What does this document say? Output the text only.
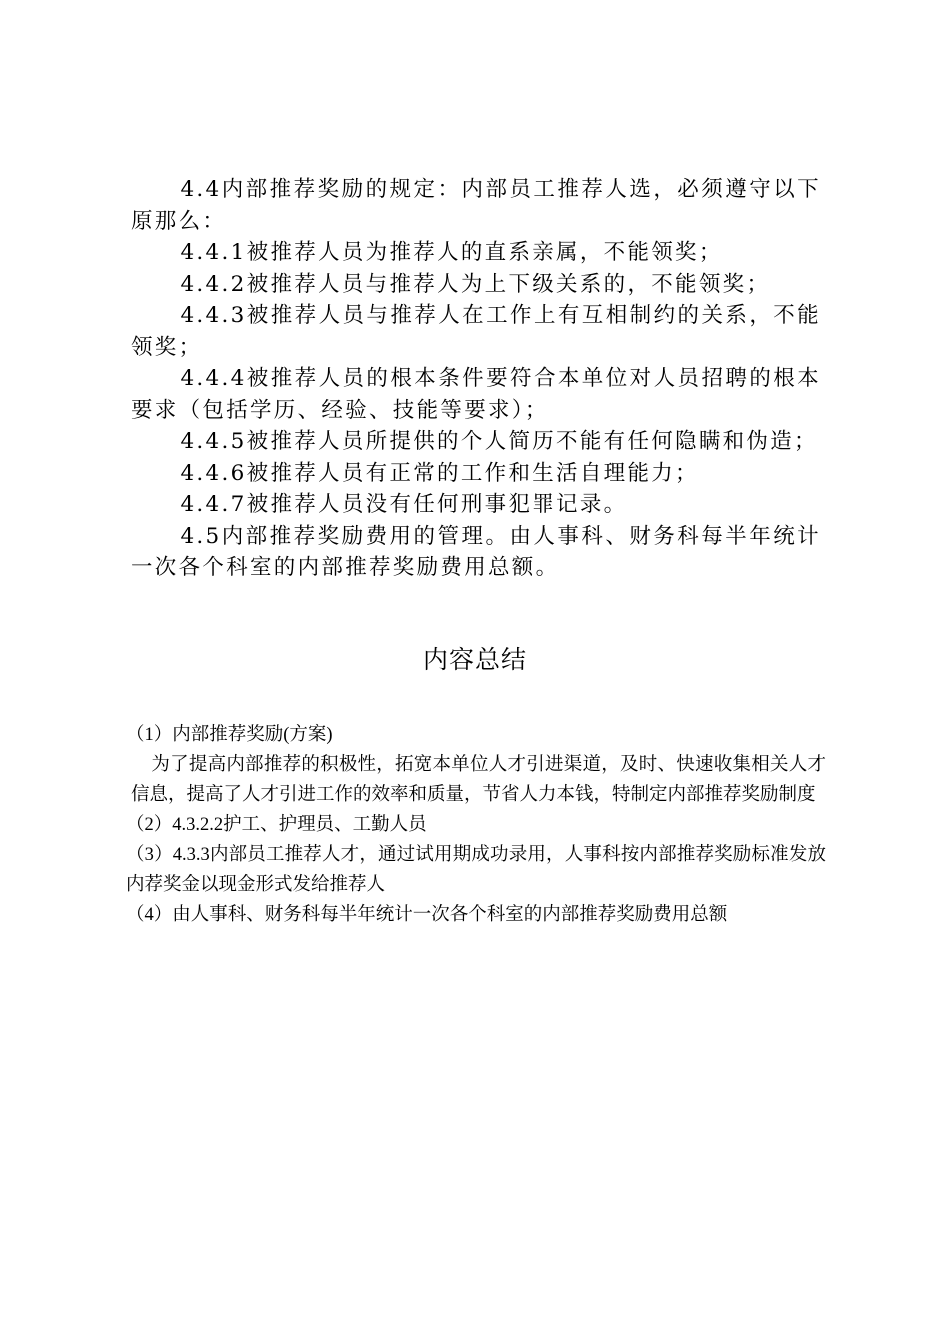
4.4内部推荐奖励的规定：内部员工推荐人选，必须遵守以下原那么：

4.4.1被推荐人员为推荐人的直系亲属，不能领奖；

4.4.2被推荐人员与推荐人为上下级关系的，不能领奖；

4.4.3被推荐人员与推荐人在工作上有互相制约的关系，不能领奖；

4.4.4被推荐人员的根本条件要符合本单位对人员招聘的根本要求（包括学历、经验、技能等要求）；

4.4.5被推荐人员所提供的个人简历不能有任何隐瞒和伪造；

4.4.6被推荐人员有正常的工作和生活自理能力；

4.4.7被推荐人员没有任何刑事犯罪记录。

4.5内部推荐奖励费用的管理。由人事科、财务科每半年统计一次各个科室的内部推荐奖励费用总额。

内容总结

（1）内部推荐奖励(方案)

为了提高内部推荐的积极性，拓宽本单位人才引进渠道，及时、快速收集相关人才信息，提高了人才引进工作的效率和质量，节省人力本钱，特制定内部推荐奖励制度

（2）4.3.2.2护工、护理员、工勤人员

（3）4.3.3内部员工推荐人才，通过试用期成功录用，人事科按内部推荐奖励标准发放内荐奖金以现金形式发给推荐人

（4）由人事科、财务科每半年统计一次各个科室的内部推荐奖励费用总额
